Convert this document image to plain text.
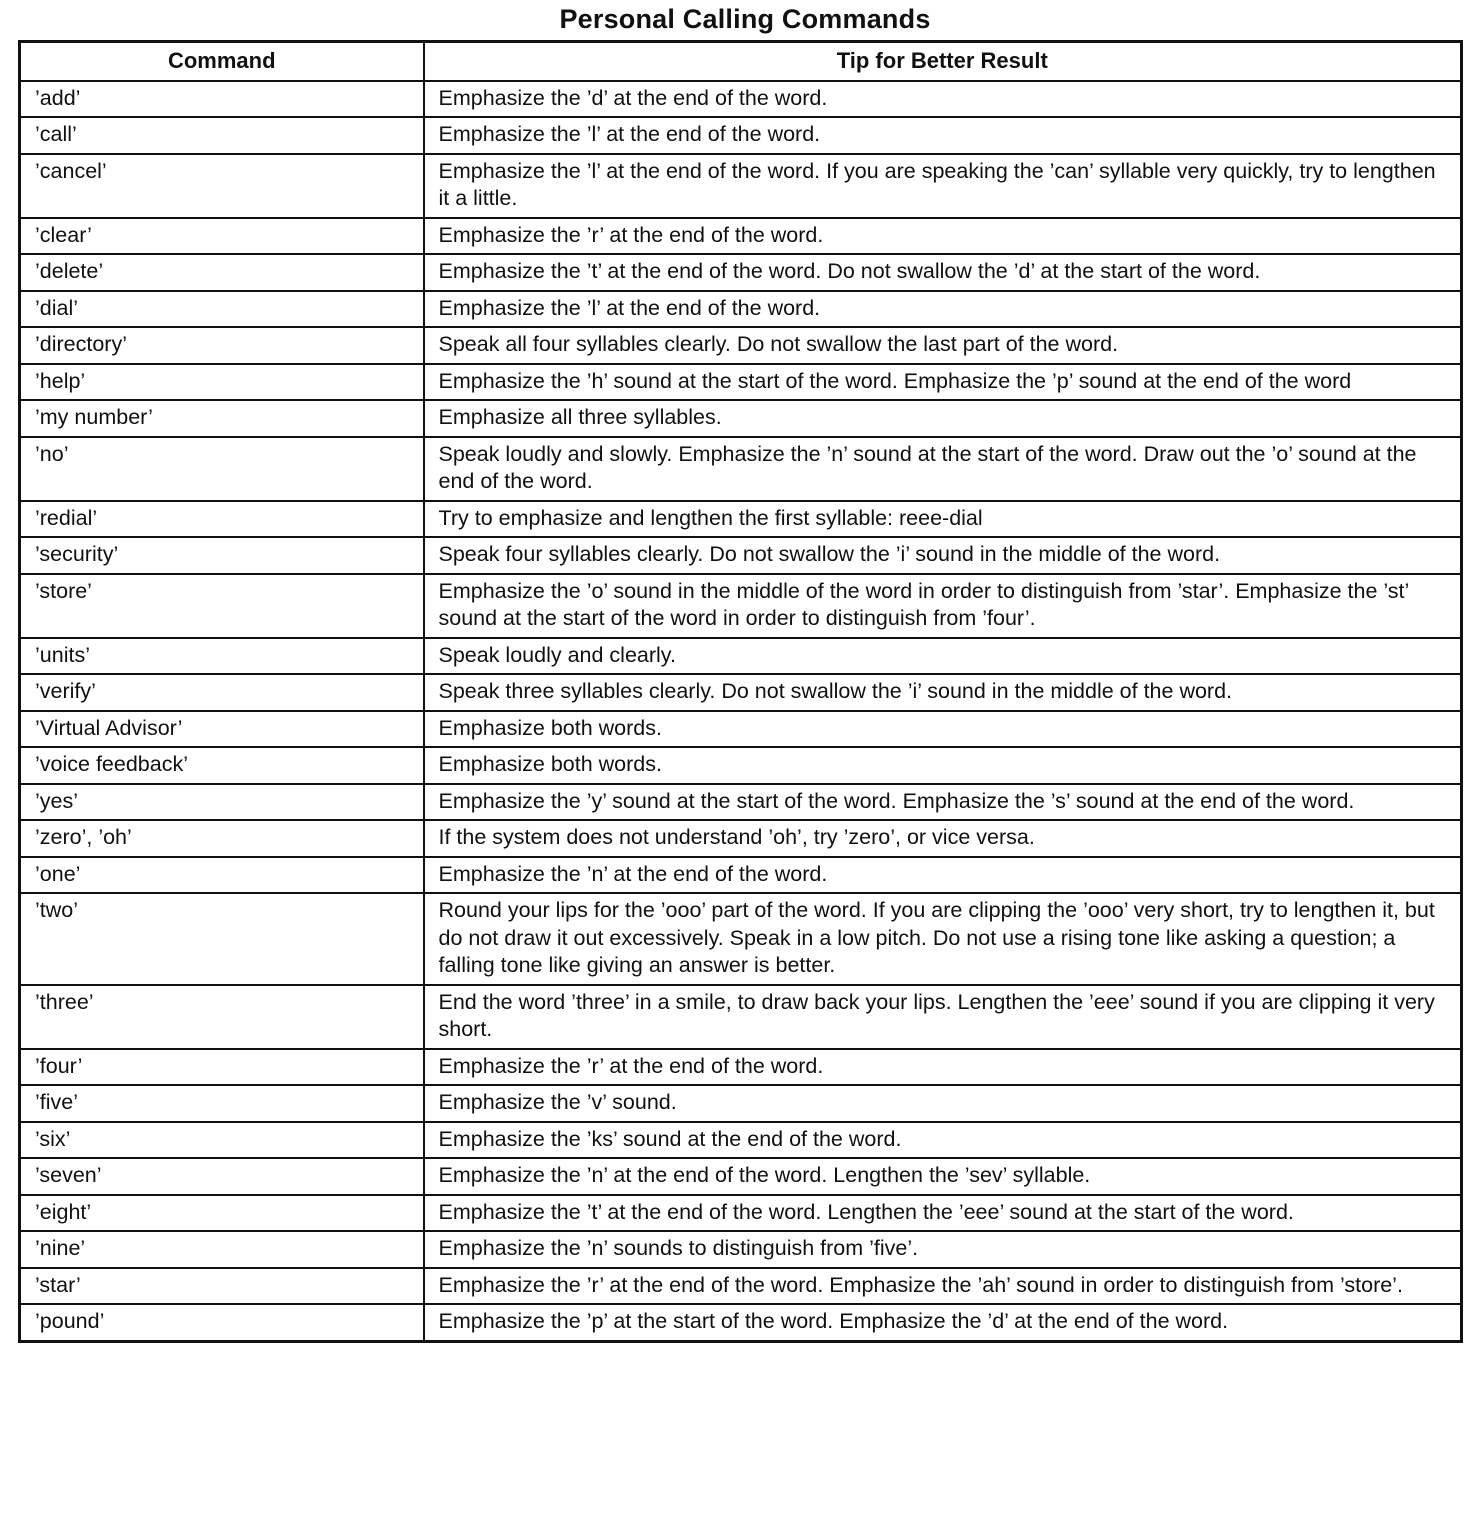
Personal Calling Commands
Command	Tip for Better Result
’add’	Emphasize the ’d’ at the end of the word.
’call’	Emphasize the ’l’ at the end of the word.
’cancel’	Emphasize the ’l’ at the end of the word. If you are speaking the ’can’ syllable very quickly, try to lengthen it a little.
’clear’	Emphasize the ’r’ at the end of the word.
’delete’	Emphasize the ’t’ at the end of the word. Do not swallow the ’d’ at the start of the word.
’dial’	Emphasize the ’l’ at the end of the word.
’directory’	Speak all four syllables clearly. Do not swallow the last part of the word.
’help’	Emphasize the ’h’ sound at the start of the word. Emphasize the ’p’ sound at the end of the word
’my number’	Emphasize all three syllables.
’no’	Speak loudly and slowly. Emphasize the ’n’ sound at the start of the word. Draw out the ’o’ sound at the end of the word.
’redial’	Try to emphasize and lengthen the first syllable: reee-dial
’security’	Speak four syllables clearly. Do not swallow the ’i’ sound in the middle of the word.
’store’	Emphasize the ’o’ sound in the middle of the word in order to distinguish from ’star’. Emphasize the ’st’ sound at the start of the word in order to distinguish from ’four’.
’units’	Speak loudly and clearly.
’verify’	Speak three syllables clearly. Do not swallow the ’i’ sound in the middle of the word.
’Virtual Advisor’	Emphasize both words.
’voice feedback’	Emphasize both words.
’yes’	Emphasize the ’y’ sound at the start of the word. Emphasize the ’s’ sound at the end of the word.
’zero’, ’oh’	If the system does not understand ’oh’, try ’zero’, or vice versa.
’one’	Emphasize the ’n’ at the end of the word.
’two’	Round your lips for the ’ooo’ part of the word. If you are clipping the ’ooo’ very short, try to lengthen it, but do not draw it out excessively. Speak in a low pitch. Do not use a rising tone like asking a question; a falling tone like giving an answer is better.
’three’	End the word ’three’ in a smile, to draw back your lips. Lengthen the ’eee’ sound if you are clipping it very short.
’four’	Emphasize the ’r’ at the end of the word.
’five’	Emphasize the ’v’ sound.
’six’	Emphasize the ’ks’ sound at the end of the word.
’seven’	Emphasize the ’n’ at the end of the word. Lengthen the ’sev’ syllable.
’eight’	Emphasize the ’t’ at the end of the word. Lengthen the ’eee’ sound at the start of the word.
’nine’	Emphasize the ’n’ sounds to distinguish from ’five’.
’star’	Emphasize the ’r’ at the end of the word. Emphasize the ’ah’ sound in order to distinguish from ’store’.
’pound’	Emphasize the ’p’ at the start of the word. Emphasize the ’d’ at the end of the word.
